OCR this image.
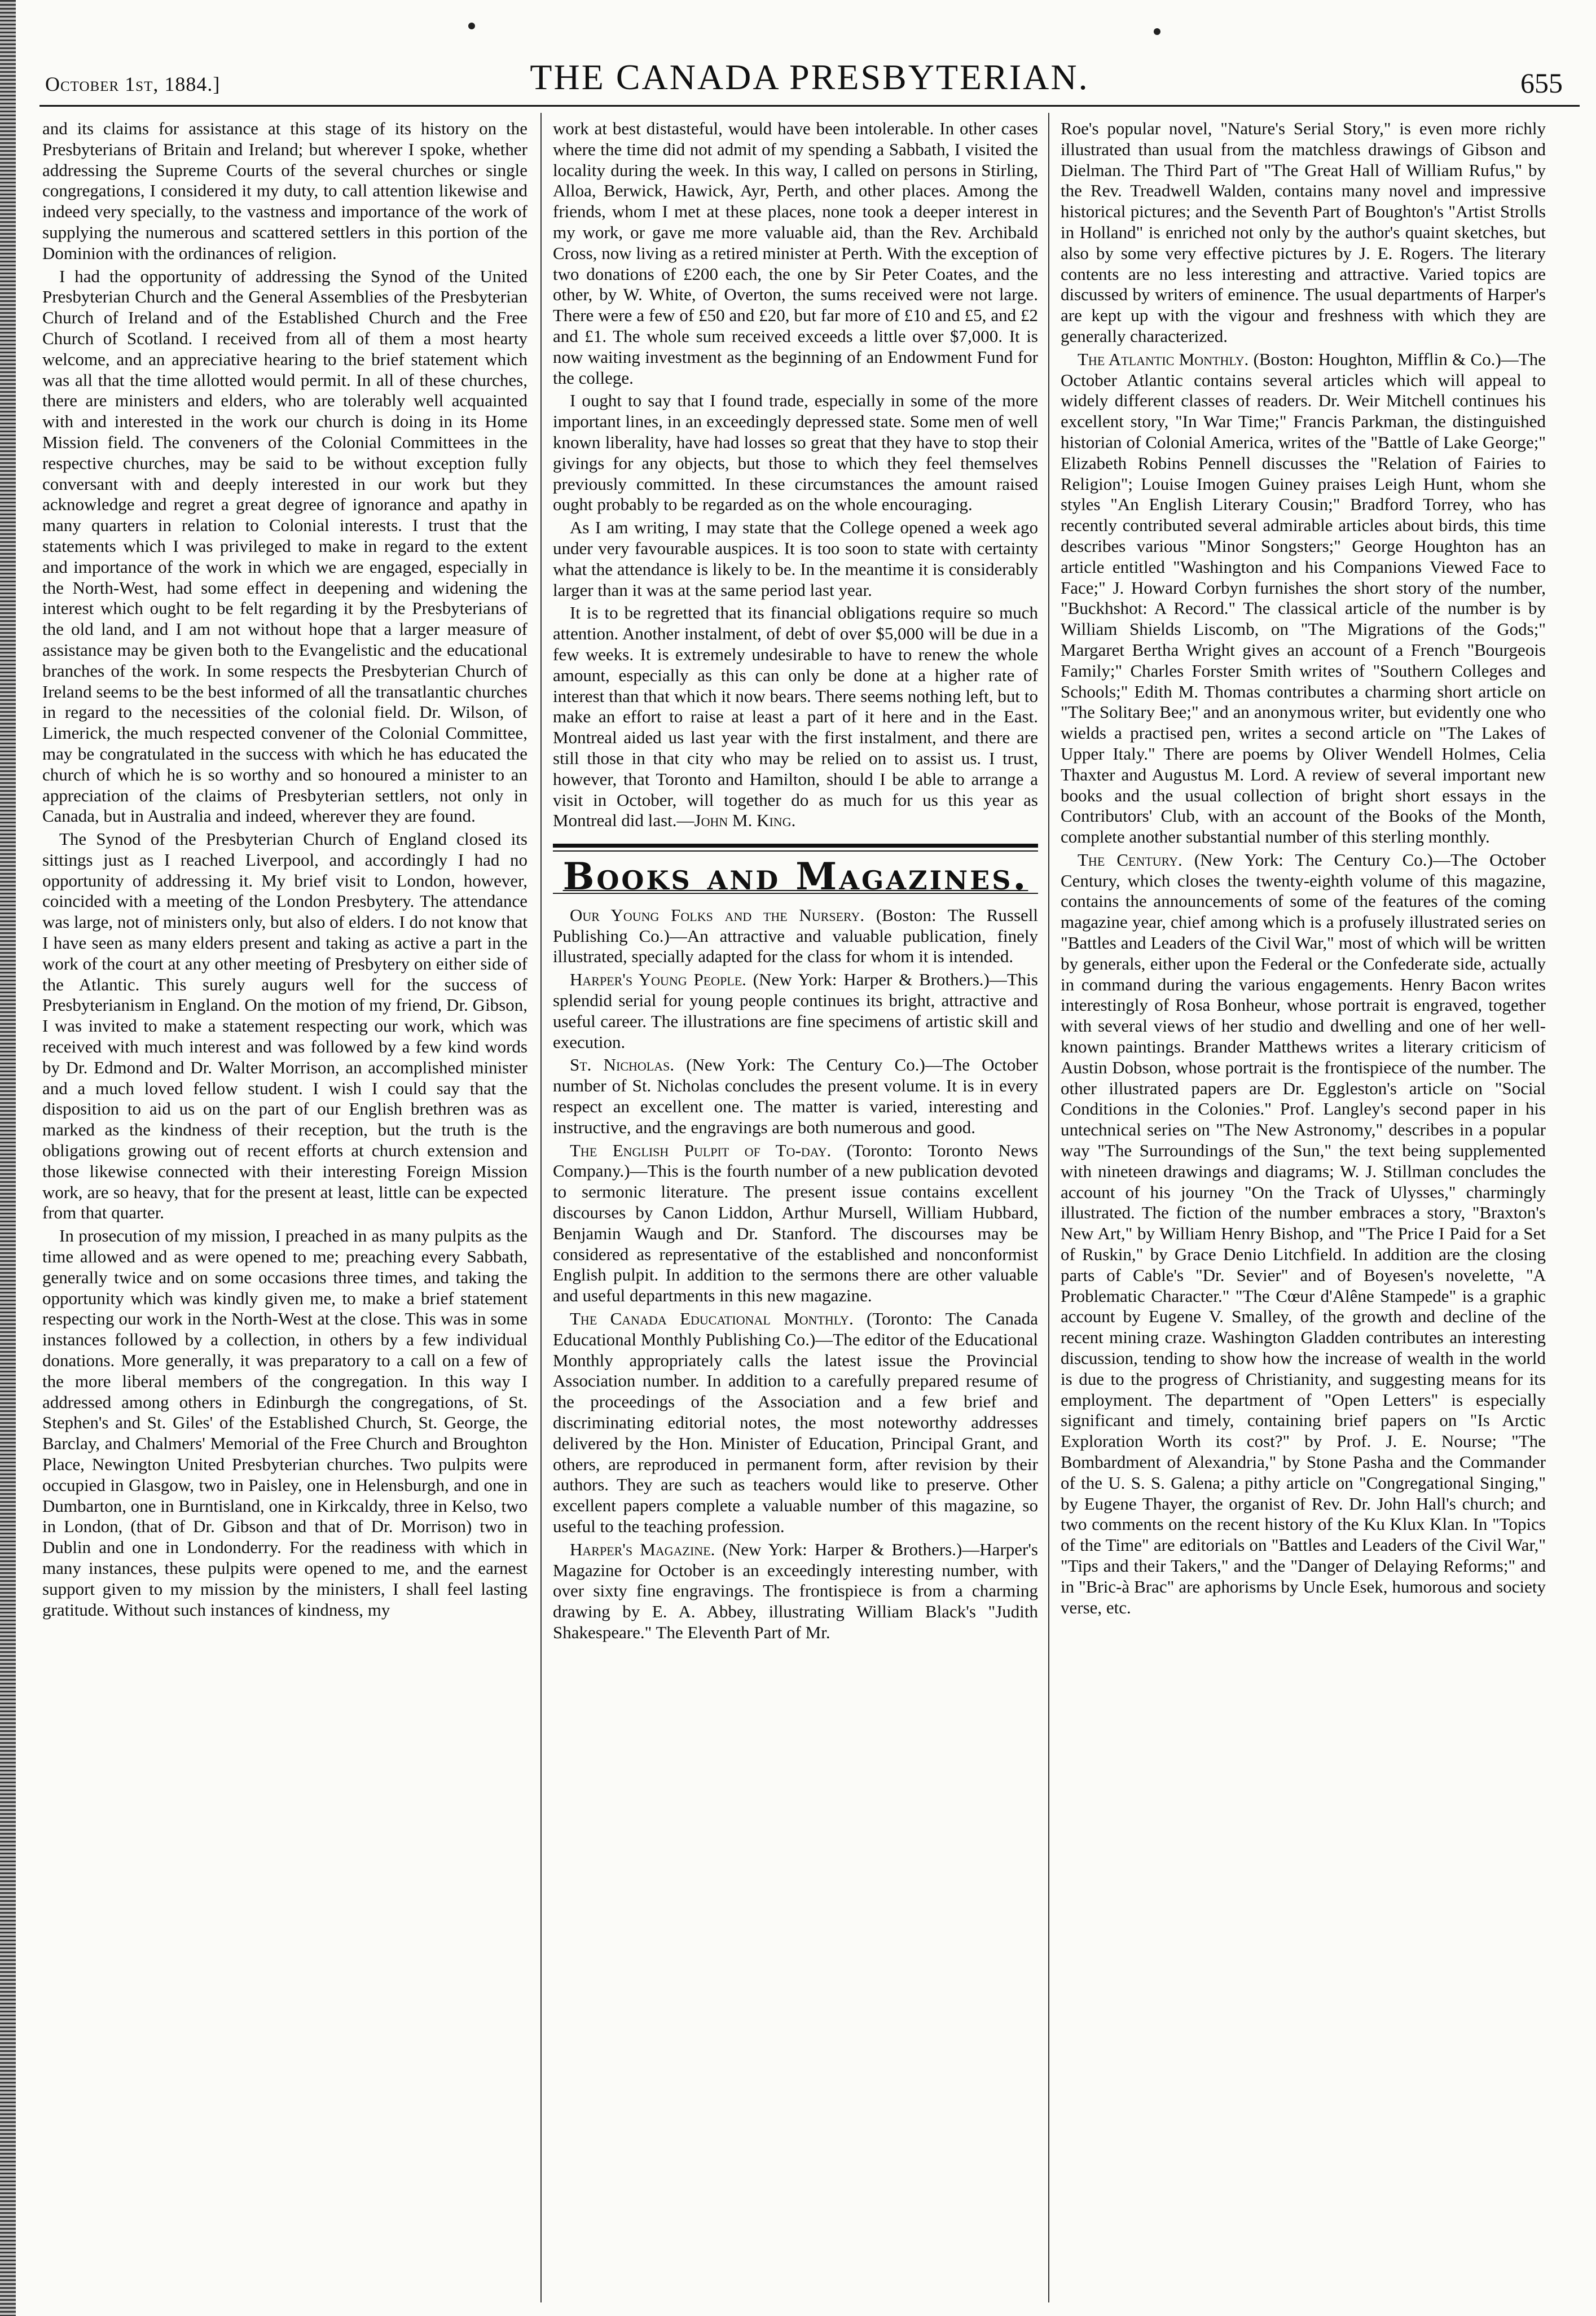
October 1st, 1884.]	THE CANADA PRESBYTERIAN.	655

and its claims for assistance at this stage of its history on the Presbyterians of Britain and Ireland; but wherever I spoke, whether addressing the Supreme Courts of the several churches or single congregations, I considered it my duty, to call attention likewise and indeed very specially, to the vastness and importance of the work of supplying the numerous and scattered settlers in this portion of the Dominion with the ordinances of religion.

I had the opportunity of addressing the Synod of the United Presbyterian Church and the General Assemblies of the Presbyterian Church of Ireland and of the Established Church and the Free Church of Scotland. I received from all of them a most hearty welcome, and an appreciative hearing to the brief statement which was all that the time allotted would permit. In all of these churches, there are ministers and elders, who are tolerably well acquainted with and interested in the work our church is doing in its Home Mission field. The conveners of the Colonial Committees in the respective churches, may be said to be without exception fully conversant with and deeply interested in our work but they acknowledge and regret a great degree of ignorance and apathy in many quarters in relation to Colonial interests. I trust that the statements which I was privileged to make in regard to the extent and importance of the work in which we are engaged, especially in the North-West, had some effect in deepening and widening the interest which ought to be felt regarding it by the Presbyterians of the old land, and I am not without hope that a larger measure of assistance may be given both to the Evangelistic and the educational branches of the work. In some respects the Presbyterian Church of Ireland seems to be the best informed of all the transatlantic churches in regard to the necessities of the colonial field. Dr. Wilson, of Limerick, the much respected convener of the Colonial Committee, may be congratulated in the success with which he has educated the church of which he is so worthy and so honoured a minister to an appreciation of the claims of Presbyterian settlers, not only in Canada, but in Australia and indeed, wherever they are found.

The Synod of the Presbyterian Church of England closed its sittings just as I reached Liverpool, and accordingly I had no opportunity of addressing it. My brief visit to London, however, coincided with a meeting of the London Presbytery. The attendance was large, not of ministers only, but also of elders. I do not know that I have seen as many elders present and taking as active a part in the work of the court at any other meeting of Presbytery on either side of the Atlantic. This surely augurs well for the success of Presbyterianism in England. On the motion of my friend, Dr. Gibson, I was invited to make a statement respecting our work, which was received with much interest and was followed by a few kind words by Dr. Edmond and Dr. Walter Morrison, an accomplished minister and a much loved fellow student. I wish I could say that the disposition to aid us on the part of our English brethren was as marked as the kindness of their reception, but the truth is the obligations growing out of recent efforts at church extension and those likewise connected with their interesting Foreign Mission work, are so heavy, that for the present at least, little can be expected from that quarter.

In prosecution of my mission, I preached in as many pulpits as the time allowed and as were opened to me; preaching every Sabbath, generally twice and on some occasions three times, and taking the opportunity which was kindly given me, to make a brief statement respecting our work in the North-West at the close. This was in some instances followed by a collection, in others by a few individual donations. More generally, it was preparatory to a call on a few of the more liberal members of the congregation. In this way I addressed among others in Edinburgh the congregations, of St. Stephen's and St. Giles' of the Established Church, St. George, the Barclay, and Chalmers' Memorial of the Free Church and Broughton Place, Newington United Presbyterian churches. Two pulpits were occupied in Glasgow, two in Paisley, one in Helensburgh, and one in Dumbarton, one in Burntisland, one in Kirkcaldy, three in Kelso, two in London, (that of Dr. Gibson and that of Dr. Morrison) two in Dublin and one in Londonderry. For the readiness with which in many instances, these pulpits were opened to me, and the earnest support given to my mission by the ministers, I shall feel lasting gratitude. Without such instances of kindness, my

work at best distasteful, would have been intolerable. In other cases where the time did not admit of my spending a Sabbath, I visited the locality during the week. In this way, I called on persons in Stirling, Alloa, Berwick, Hawick, Ayr, Perth, and other places. Among the friends, whom I met at these places, none took a deeper interest in my work, or gave me more valuable aid, than the Rev. Archibald Cross, now living as a retired minister at Perth. With the exception of two donations of £200 each, the one by Sir Peter Coates, and the other, by W. White, of Overton, the sums received were not large. There were a few of £50 and £20, but far more of £10 and £5, and £2 and £1. The whole sum received exceeds a little over $7,000. It is now waiting investment as the beginning of an Endowment Fund for the college.

I ought to say that I found trade, especially in some of the more important lines, in an exceedingly depressed state. Some men of well known liberality, have had losses so great that they have to stop their givings for any objects, but those to which they feel themselves previously committed. In these circumstances the amount raised ought probably to be regarded as on the whole encouraging.

As I am writing, I may state that the College opened a week ago under very favourable auspices. It is too soon to state with certainty what the attendance is likely to be. In the meantime it is considerably larger than it was at the same period last year.

It is to be regretted that its financial obligations require so much attention. Another instalment, of debt of over $5,000 will be due in a few weeks. It is extremely undesirable to have to renew the whole amount, especially as this can only be done at a higher rate of interest than that which it now bears. There seems nothing left, but to make an effort to raise at least a part of it here and in the East. Montreal aided us last year with the first instalment, and there are still those in that city who may be relied on to assist us. I trust, however, that Toronto and Hamilton, should I be able to arrange a visit in October, will together do as much for us this year as Montreal did last.—John M. King.

Books and Magazines.

Our Young Folks and the Nursery. (Boston: The Russell Publishing Co.)—An attractive and valuable publication, finely illustrated, specially adapted for the class for whom it is intended.

Harper's Young People. (New York: Harper & Brothers.)—This splendid serial for young people continues its bright, attractive and useful career. The illustrations are fine specimens of artistic skill and execution.

St. Nicholas. (New York: The Century Co.)—The October number of St. Nicholas concludes the present volume. It is in every respect an excellent one. The matter is varied, interesting and instructive, and the engravings are both numerous and good.

The English Pulpit of To-day. (Toronto: Toronto News Company.)—This is the fourth number of a new publication devoted to sermonic literature. The present issue contains excellent discourses by Canon Liddon, Arthur Mursell, William Hubbard, Benjamin Waugh and Dr. Stanford. The discourses may be considered as representative of the established and nonconformist English pulpit. In addition to the sermons there are other valuable and useful departments in this new magazine.

The Canada Educational Monthly. (Toronto: The Canada Educational Monthly Publishing Co.)—The editor of the Educational Monthly appropriately calls the latest issue the Provincial Association number. In addition to a carefully prepared resume of the proceedings of the Association and a few brief and discriminating editorial notes, the most noteworthy addresses delivered by the Hon. Minister of Education, Principal Grant, and others, are reproduced in permanent form, after revision by their authors. They are such as teachers would like to preserve. Other excellent papers complete a valuable number of this magazine, so useful to the teaching profession.

Harper's Magazine. (New York: Harper & Brothers.)—Harper's Magazine for October is an exceedingly interesting number, with over sixty fine engravings. The frontispiece is from a charming drawing by E. A. Abbey, illustrating William Black's "Judith Shakespeare." The Eleventh Part of Mr.

Roe's popular novel, "Nature's Serial Story," is even more richly illustrated than usual from the matchless drawings of Gibson and Dielman. The Third Part of "The Great Hall of William Rufus," by the Rev. Treadwell Walden, contains many novel and impressive historical pictures; and the Seventh Part of Boughton's "Artist Strolls in Holland" is enriched not only by the author's quaint sketches, but also by some very effective pictures by J. E. Rogers. The literary contents are no less interesting and attractive. Varied topics are discussed by writers of eminence. The usual departments of Harper's are kept up with the vigour and freshness with which they are generally characterized.

The Atlantic Monthly. (Boston: Houghton, Mifflin & Co.)—The October Atlantic contains several articles which will appeal to widely different classes of readers. Dr. Weir Mitchell continues his excellent story, "In War Time;" Francis Parkman, the distinguished historian of Colonial America, writes of the "Battle of Lake George;" Elizabeth Robins Pennell discusses the "Relation of Fairies to Religion"; Louise Imogen Guiney praises Leigh Hunt, whom she styles "An English Literary Cousin;" Bradford Torrey, who has recently contributed several admirable articles about birds, this time describes various "Minor Songsters;" George Houghton has an article entitled "Washington and his Companions Viewed Face to Face;" J. Howard Corbyn furnishes the short story of the number, "Buckhshot: A Record." The classical article of the number is by William Shields Liscomb, on "The Migrations of the Gods;" Margaret Bertha Wright gives an account of a French "Bourgeois Family;" Charles Forster Smith writes of "Southern Colleges and Schools;" Edith M. Thomas contributes a charming short article on "The Solitary Bee;" and an anonymous writer, but evidently one who wields a practised pen, writes a second article on "The Lakes of Upper Italy." There are poems by Oliver Wendell Holmes, Celia Thaxter and Augustus M. Lord. A review of several important new books and the usual collection of bright short essays in the Contributors' Club, with an account of the Books of the Month, complete another substantial number of this sterling monthly.

The Century. (New York: The Century Co.)—The October Century, which closes the twenty-eighth volume of this magazine, contains the announcements of some of the features of the coming magazine year, chief among which is a profusely illustrated series on "Battles and Leaders of the Civil War," most of which will be written by generals, either upon the Federal or the Confederate side, actually in command during the various engagements. Henry Bacon writes interestingly of Rosa Bonheur, whose portrait is engraved, together with several views of her studio and dwelling and one of her well-known paintings. Brander Matthews writes a literary criticism of Austin Dobson, whose portrait is the frontispiece of the number. The other illustrated papers are Dr. Eggleston's article on "Social Conditions in the Colonies." Prof. Langley's second paper in his untechnical series on "The New Astronomy," describes in a popular way "The Surroundings of the Sun," the text being supplemented with nineteen drawings and diagrams; W. J. Stillman concludes the account of his journey "On the Track of Ulysses," charmingly illustrated. The fiction of the number embraces a story, "Braxton's New Art," by William Henry Bishop, and "The Price I Paid for a Set of Ruskin," by Grace Denio Litchfield. In addition are the closing parts of Cable's "Dr. Sevier" and of Boyesen's novelette, "A Problematic Character." "The Cœur d'Alêne Stampede" is a graphic account by Eugene V. Smalley, of the growth and decline of the recent mining craze. Washington Gladden contributes an interesting discussion, tending to show how the increase of wealth in the world is due to the progress of Christianity, and suggesting means for its employment. The department of "Open Letters" is especially significant and timely, containing brief papers on "Is Arctic Exploration Worth its cost?" by Prof. J. E. Nourse; "The Bombardment of Alexandria," by Stone Pasha and the Commander of the U. S. S. Galena; a pithy article on "Congregational Singing," by Eugene Thayer, the organist of Rev. Dr. John Hall's church; and two comments on the recent history of the Ku Klux Klan. In "Topics of the Time" are editorials on "Battles and Leaders of the Civil War," "Tips and their Takers," and the "Danger of Delaying Reforms;" and in "Bric-à Brac" are aphorisms by Uncle Esek, humorous and society verse, etc.
